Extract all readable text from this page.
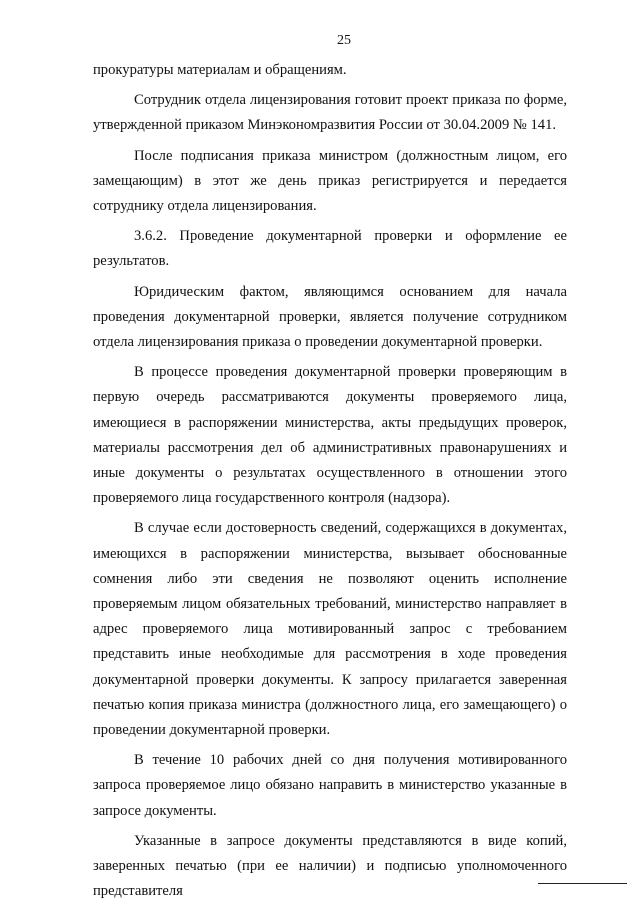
25

прокуратуры материалам и обращениям.

Сотрудник отдела лицензирования готовит проект приказа по форме, утвержденной приказом Минэкономразвития России от 30.04.2009 № 141.

После подписания приказа министром (должностным лицом, его замещающим) в этот же день приказ регистрируется и передается сотруднику отдела лицензирования.

3.6.2. Проведение документарной проверки и оформление ее результатов.

Юридическим фактом, являющимся основанием для начала проведения документарной проверки, является получение сотрудником отдела лицензирования приказа о проведении документарной проверки.

В процессе проведения документарной проверки проверяющим в первую очередь рассматриваются документы проверяемого лица, имеющиеся в распоряжении министерства, акты предыдущих проверок, материалы рассмотрения дел об административных правонарушениях и иные документы о результатах осуществленного в отношении этого проверяемого лица государственного контроля (надзора).

В случае если достоверность сведений, содержащихся в документах, имеющихся в распоряжении министерства, вызывает обоснованные сомнения либо эти сведения не позволяют оценить исполнение проверяемым лицом обязательных требований, министерство направляет в адрес проверяемого лица мотивированный запрос с требованием представить иные необходимые для рассмотрения в ходе проведения документарной проверки документы. К запросу прилагается заверенная печатью копия приказа министра (должностного лица, его замещающего) о проведении документарной проверки.

В течение 10 рабочих дней со дня получения мотивированного запроса проверяемое лицо обязано направить в министерство указанные в запросе документы.

Указанные в запросе документы представляются в виде копий, заверенных печатью (при ее наличии) и подписью уполномоченного представителя
